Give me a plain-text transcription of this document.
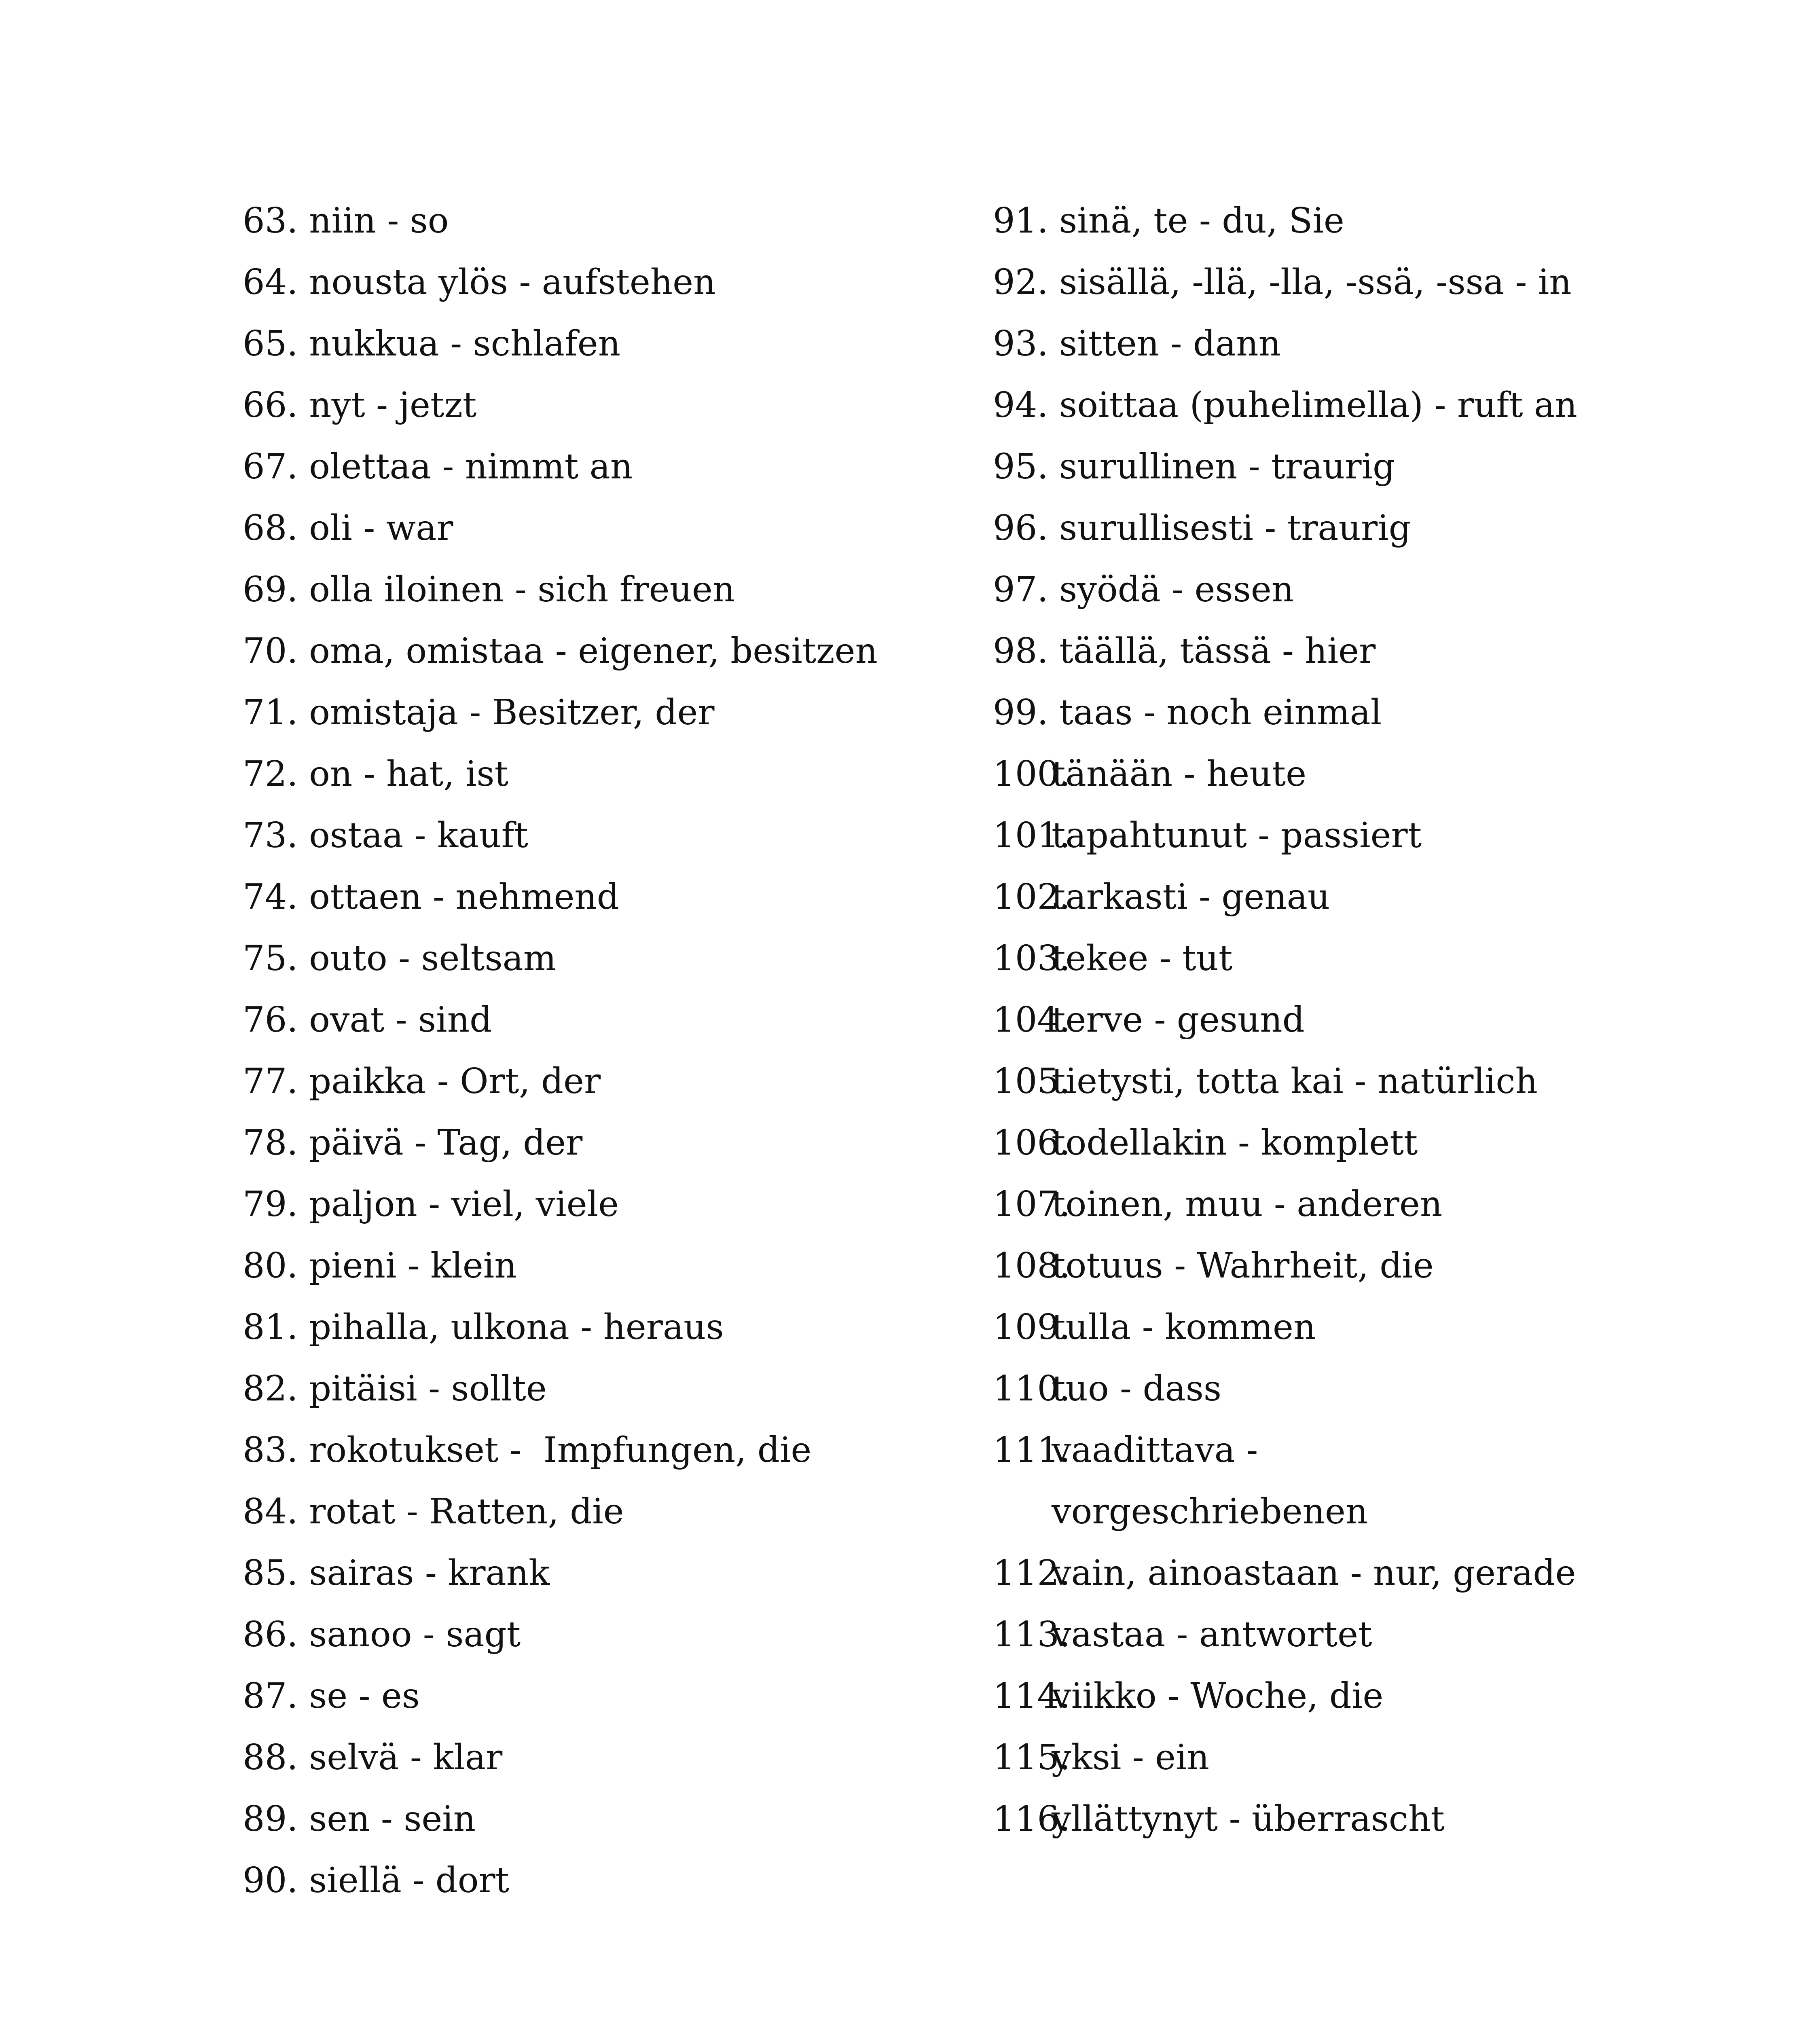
63. niin - so
64. nousta ylös - aufstehen
65. nukkua - schlafen
66. nyt - jetzt
67. olettaa - nimmt an
68. oli - war
69. olla iloinen - sich freuen
70. oma, omistaa - eigener, besitzen
71. omistaja - Besitzer, der
72. on - hat, ist
73. ostaa - kauft
74. ottaen - nehmend
75. outo - seltsam
76. ovat - sind
77. paikka - Ort, der
78. päivä - Tag, der
79. paljon - viel, viele
80. pieni - klein
81. pihalla, ulkona - heraus
82. pitäisi - sollte
83. rokotukset -  Impfungen, die
84. rotat - Ratten, die
85. sairas - krank
86. sanoo - sagt
87. se - es
88. selvä - klar
89. sen - sein
90. siellä - dort
91. sinä, te - du, Sie
92. sisällä, -llä, -lla, -ssä, -ssa - in
93. sitten - dann
94. soittaa (puhelimella) - ruft an
95. surullinen - traurig
96. surullisesti - traurig
97. syödä - essen
98. täällä, tässä - hier
99. taas - noch einmal
100.tänään - heute
101.tapahtunut - passiert
102.tarkasti - genau
103.tekee - tut
104.terve - gesund
105.tietysti, totta kai - natürlich
106.todellakin - komplett
107.toinen, muu - anderen
108.totuus - Wahrheit, die
109.tulla - kommen
110.tuo - dass
111.vaadittava -
vorgeschriebenen
112.vain, ainoastaan - nur, gerade
113.vastaa - antwortet
114.viikko - Woche, die
115.yksi - ein
116.yllättynyt - überrascht
